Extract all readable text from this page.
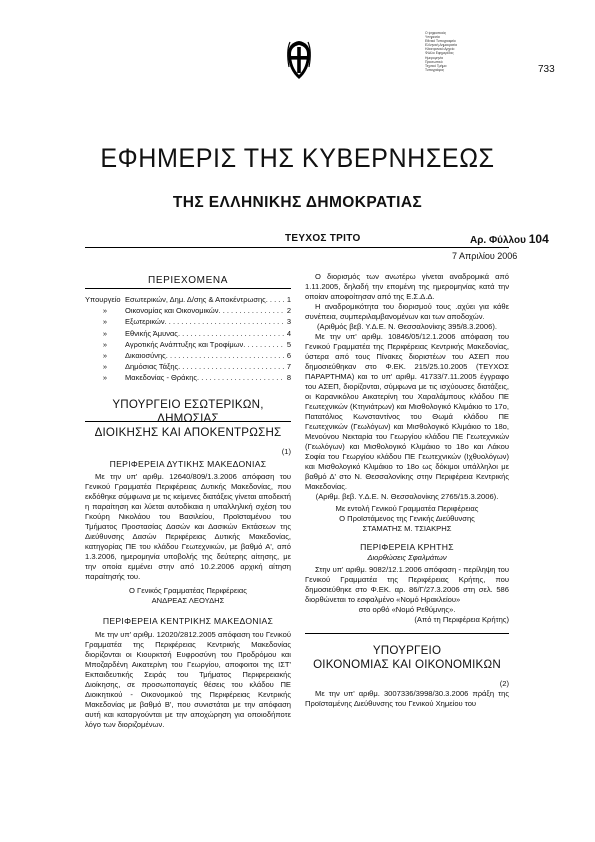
Ο ψηφιοποιός
Υπηρεσία
Εθνικό Τυπογραφείο
Ελληνική Δημοκρατία
Ηλεκτρονικό Αρχείο
Φύλλο Εφημερίδας
Ημερομηνία
Προσωπικό
Τεχνικό Τμήμα
Τυπογράφος	733
ΕΦΗΜΕΡΙΣ ΤΗΣ ΚΥΒΕΡΝΗΣΕΩΣ
ΤΗΣ ΕΛΛΗΝΙΚΗΣ ΔΗΜΟΚΡΑΤΙΑΣ
ΤΕΥΧΟΣ ΤΡΙΤΟ	Αρ. Φύλλου 104
7 Απριλίου 2006
ΠΕΡΙΕΧΟΜΕΝΑ
Υπουργείο Εσωτερικών, Δημ. Δ/σης & Αποκέντρωσης . . .	1
»	Οικονομίας και Οικονομικών . . .	2
»	Εξωτερικών . . .	3
»	Εθνικής Άμυνας . . .	4
»	Αγροτικής Ανάπτυξης και Τροφίμων . . .	5
»	Δικαιοσύνης . . .	6
»	Δημόσιας Τάξης . . .	7
»	Μακεδονίας - Θράκης . . .	8
ΥΠΟΥΡΓΕΙΟ ΕΣΩΤΕΡΙΚΩΝ, ΔΗΜΟΣΙΑΣ
ΔΙΟΙΚΗΣΗΣ ΚΑΙ ΑΠΟΚΕΝΤΡΩΣΗΣ
(1)
ΠΕΡΙΦΕΡΕΙΑ ΔΥΤΙΚΗΣ ΜΑΚΕΔΟΝΙΑΣ

Με την υπ' αριθμ. 12640/809/1.3.2006 απόφαση του Γενικού Γραμματέα Περιφέρειας Δυτικής Μακεδονίας, που εκδόθηκε σύμφωνα με τις κείμενες διατάξεις γίνεται αποδεκτή η παραίτηση και λύεται αυτοδίκαια η υπαλληλική σχέση του Γκούρη Νικολάου του Βασιλείου, Προϊσταμένου του Τμήματος Προστασίας Δασών και Δασικών Εκτάσεων της Διεύθυνσης Δασών Περιφέρειας Δυτικής Μακεδονίας, κατηγορίας ΠΕ του κλάδου Γεωτεχνικών, με βαθμό Α', από 1.3.2006, ημερομηνία υποβολής της δεύτερης αίτησης, με την οποία εμμένει στην από 10.2.2006 αρχική αίτηση παραίτησής του.

Ο Γενικός Γραμματέας Περιφέρειας
ΑΝΔΡΕΑΣ ΛΕΟΥΔΗΣ
ΠΕΡΙΦΕΡΕΙΑ ΚΕΝΤΡΙΚΗΣ ΜΑΚΕΔΟΝΙΑΣ

Με την υπ' αριθμ. 12020/2812.2005 απόφαση του Γενικού Γραμματέα της Περιφέρειας Κεντρικής Μακεδονίας διορίζονται οι Κιουρκτσή Ευφροσύνη του Προδρόμου και Μποζαρδένη Αικατερίνη του Γεωργίου, αποφοιτοι της ΙΣΤ' Εκπαιδευτικής Σειράς του Τμήματος Περιφερειακής Διοίκησης, σε προσωποπαγείς θέσεις του κλάδου ΠΕ Διοικητικού - Οικονομικού της Περιφέρειας Κεντρικής Μακεδονίας με βαθμό Β', που συνιστάται με την απόφαση αυτή και καταργούνται με την αποχώρηση για οποιοδήποτε λόγο των διοριζομένων.

Ο διορισμός των ανωτέρω γίνεται αναδρομικά από 1.11.2005, δηλαδή την επομένη της ημερομηνίας κατά την οποίαν αποφοίτησαν από της Ε.Σ.Δ.Δ.

Η αναδρομικότητα του διορισμού τους .αχύει για κάθε συνέπεια, συμπεριλαμβανομένων και των αποδοχών.

(Αριθμός βεβ. Υ.Δ.Ε. Ν. Θεσσαλονίκης 395/8.3.2006).

Με την υπ' αριθμ. 10846/05/12.1.2006 απόφαση του Γενικού Γραμματέα της Περιφέρειας Κεντρικής Μακεδονίας, ύστερα από τους Πίνακες διοριστέων του ΑΣΕΠ που δημοσιεύθηκαν στο Φ.ΕΚ. 215/25.10.2005 (ΤΕΥΧΟΣ ΠΑΡΑΡΤΗΜΑ) και το υπ' αριθμ. 41733/7.11.2005 έγγραφο του ΑΣΕΠ, διορίζονται, σύμφωνα με τις ισχύουσες διατάξεις, οι Καρανικόλου Αικατερίνη του Χαραλάμπους κλάδου ΠΕ Γεωτεχνικών (Κτηνιάτρων) και Μισθολογικό Κλιμάκιο το 17ο, Πατατόλιος Κωνσταντίνος του Θωμά κλάδου ΠΕ Γεωτεχνικών (Γεωλόγων) και Μισθολογικό Κλιμάκιο το 18ο, Μενούνου Νεκταρία του Γεωργίου κλάδου ΠΕ Γεωτεχνικών (Γεωλόγων) και Μισθολογικό Κλιμάκιο το 18ο και Λάκου Σοφία του Γεωργίου κλάδου ΠΕ Γεωτεχνικών (Ιχθυολόγων) και Μισθολογικό Κλιμάκιο το 18ο ως δόκιμοι υπάλληλοι με βαθμό Δ' στο Ν. Θεσσαλονίκης στην Περιφέρεια Κεντρικής Μακεδονίας.

(Αριθμ. βεβ. Υ.Δ.Ε. Ν. Θεσσαλονίκης 2765/15.3.2006).
Με εντολή Γενικού Γραμματέα Περιφέρειας
Ο Προϊστάμενος της Γενικής Διεύθυνσης
ΣΤΑΜΑΤΗΣ Μ. ΤΣΙΑΚΡΗΣ
ΠΕΡΙΦΕΡΕΙΑ ΚΡΗΤΗΣ
Διορθώσεις Σφαλμάτων

Στην υπ' αριθμ. 9082/12.1.2006 απόφαση - περίληψη του Γενικού Γραμματέα της Περιφέρειας Κρήτης, που δημοσιεύθηκε στο Φ.ΕΚ. αρ. 86/Γ/27.3.2006 στη σελ. 586 διορθώνεται το εσφαλμένο «Νομό Ηρακλείου»

στο ορθό «Νομό Ρεθύμνης».
(Από τη Περιφέρεια Κρήτης)
ΥΠΟΥΡΓΕΙΟ
ΟΙΚΟΝΟΜΙΑΣ ΚΑΙ ΟΙΚΟΝΟΜΙΚΩΝ
(2)

Με την υπ' αριθμ. 3007336/3998/30.3.2006 πράξη της Προϊσταμένης Διεύθυνσης του Γενικού Χημείου του
